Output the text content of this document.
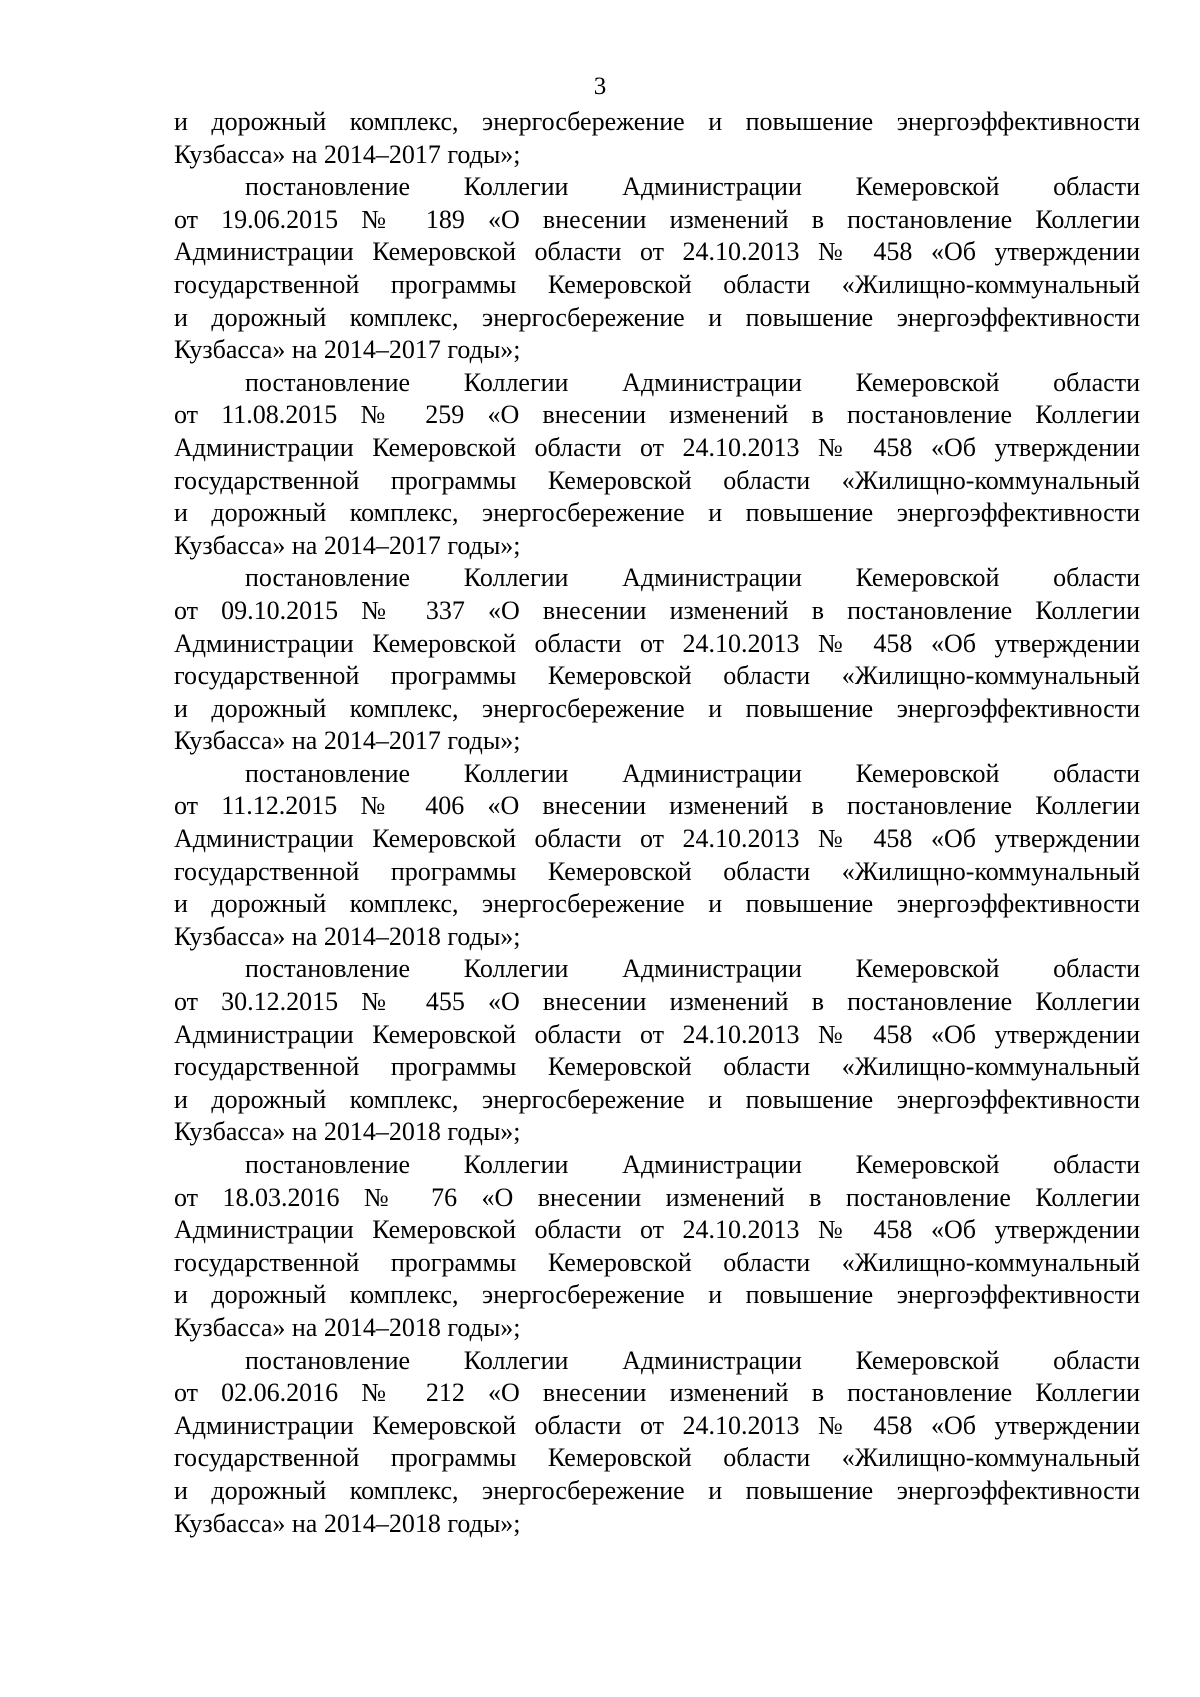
3
и дорожный комплекс, энергосбережение и повышение энергоэффективности
Кузбасса» на 2014–2017 годы»;
постановление Коллегии Администрации Кемеровской области
от 19.06.2015 № 189 «О внесении изменений в постановление Коллегии
Администрации Кемеровской области от 24.10.2013 № 458 «Об утверждении
государственной программы Кемеровской области «Жилищно-коммунальный
и дорожный комплекс, энергосбережение и повышение энергоэффективности
Кузбасса» на 2014–2017 годы»;
постановление Коллегии Администрации Кемеровской области
от 11.08.2015 № 259 «О внесении изменений в постановление Коллегии
Администрации Кемеровской области от 24.10.2013 № 458 «Об утверждении
государственной программы Кемеровской области «Жилищно-коммунальный
и дорожный комплекс, энергосбережение и повышение энергоэффективности
Кузбасса» на 2014–2017 годы»;
постановление Коллегии Администрации Кемеровской области
от 09.10.2015 № 337 «О внесении изменений в постановление Коллегии
Администрации Кемеровской области от 24.10.2013 № 458 «Об утверждении
государственной программы Кемеровской области «Жилищно-коммунальный
и дорожный комплекс, энергосбережение и повышение энергоэффективности
Кузбасса» на 2014–2017 годы»;
постановление Коллегии Администрации Кемеровской области
от 11.12.2015 № 406 «О внесении изменений в постановление Коллегии
Администрации Кемеровской области от 24.10.2013 № 458 «Об утверждении
государственной программы Кемеровской области «Жилищно-коммунальный
и дорожный комплекс, энергосбережение и повышение энергоэффективности
Кузбасса» на 2014–2018 годы»;
постановление Коллегии Администрации Кемеровской области
от 30.12.2015 № 455 «О внесении изменений в постановление Коллегии
Администрации Кемеровской области от 24.10.2013 № 458 «Об утверждении
государственной программы Кемеровской области «Жилищно-коммунальный
и дорожный комплекс, энергосбережение и повышение энергоэффективности
Кузбасса» на 2014–2018 годы»;
постановление Коллегии Администрации Кемеровской области
от 18.03.2016 № 76 «О внесении изменений в постановление Коллегии
Администрации Кемеровской области от 24.10.2013 № 458 «Об утверждении
государственной программы Кемеровской области «Жилищно-коммунальный
и дорожный комплекс, энергосбережение и повышение энергоэффективности
Кузбасса» на 2014–2018 годы»;
постановление Коллегии Администрации Кемеровской области
от 02.06.2016 № 212 «О внесении изменений в постановление Коллегии
Администрации Кемеровской области от 24.10.2013 № 458 «Об утверждении
государственной программы Кемеровской области «Жилищно-коммунальный
и дорожный комплекс, энергосбережение и повышение энергоэффективности
Кузбасса» на 2014–2018 годы»;
